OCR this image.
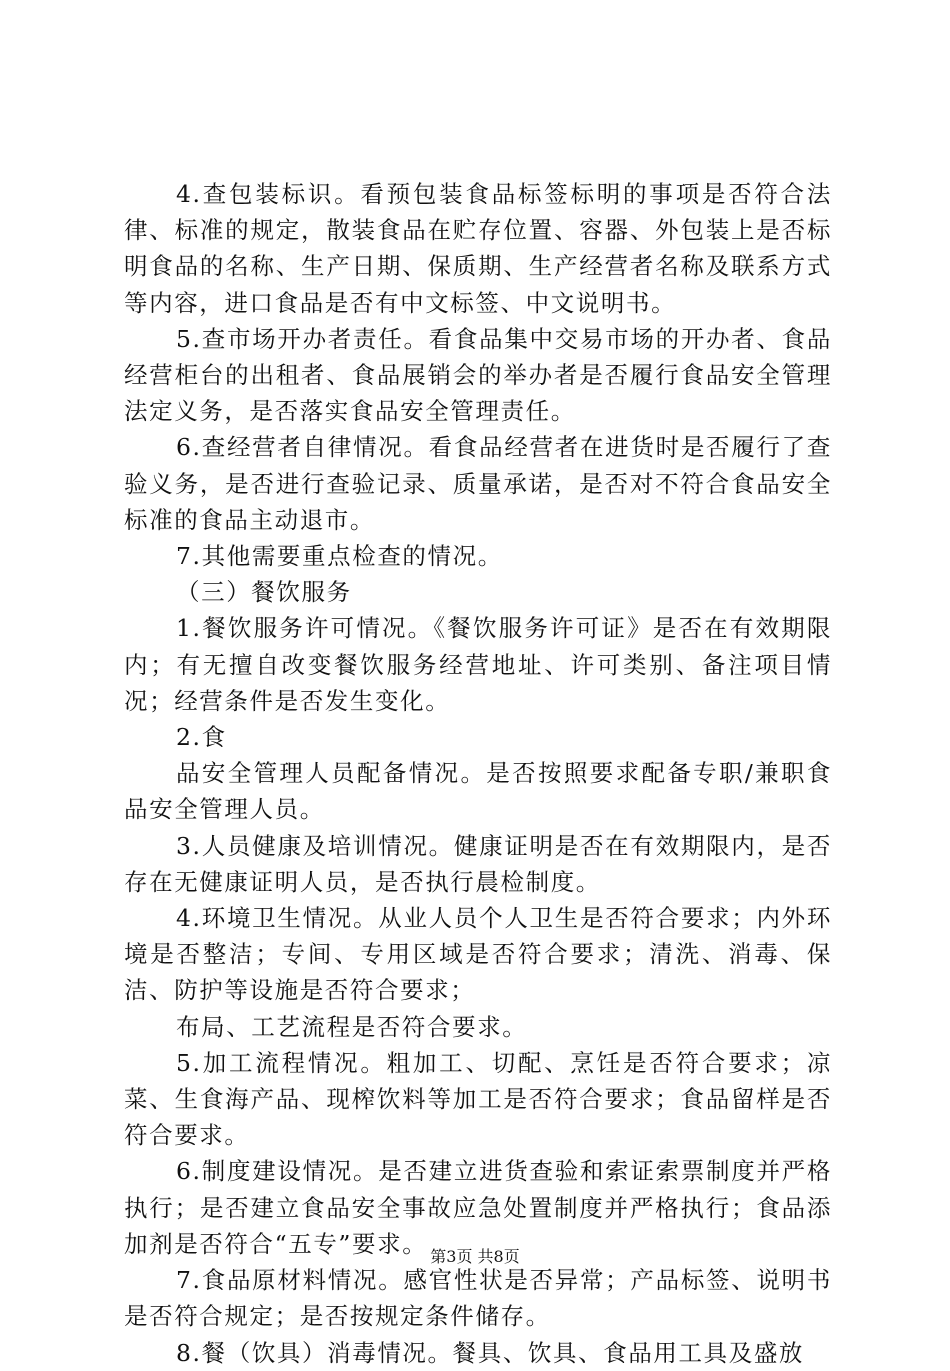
4.查包装标识。看预包装食品标签标明的事项是否符合法律、标准的规定，散装食品在贮存位置、容器、外包装上是否标明食品的名称、生产日期、保质期、生产经营者名称及联系方式等内容，进口食品是否有中文标签、中文说明书。

5.查市场开办者责任。看食品集中交易市场的开办者、食品经营柜台的出租者、食品展销会的举办者是否履行食品安全管理法定义务，是否落实食品安全管理责任。

6.查经营者自律情况。看食品经营者在进货时是否履行了查验义务，是否进行查验记录、质量承诺，是否对不符合食品安全标准的食品主动退市。

7.其他需要重点检查的情况。

（三）餐饮服务

1.餐饮服务许可情况。《餐饮服务许可证》是否在有效期限内；有无擅自改变餐饮服务经营地址、许可类别、备注项目情况；经营条件是否发生变化。

2.食

品安全管理人员配备情况。是否按照要求配备专职/兼职食品安全管理人员。

3.人员健康及培训情况。健康证明是否在有效期限内，是否存在无健康证明人员，是否执行晨检制度。

4.环境卫生情况。从业人员个人卫生是否符合要求；内外环境是否整洁；专间、专用区域是否符合要求；清洗、消毒、保洁、防护等设施是否符合要求；

布局、工艺流程是否符合要求。

5.加工流程情况。粗加工、切配、烹饪是否符合要求；凉菜、生食海产品、现榨饮料等加工是否符合要求；食品留样是否符合要求。

6.制度建设情况。是否建立进货查验和索证索票制度并严格执行；是否建立食品安全事故应急处置制度并严格执行；食品添加剂是否符合“五专”要求。

7.食品原材料情况。感官性状是否异常；产品标签、说明书是否符合规定；是否按规定条件储存。

8.餐（饮具）消毒情况。餐具、饮具、食品用工具及盛放

第3页 共8页
